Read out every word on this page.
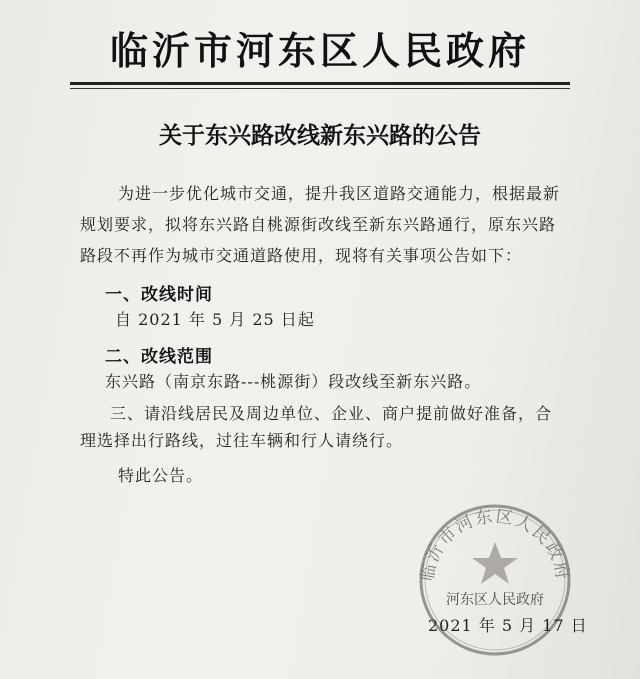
临沂市河东区人民政府
关于东兴路改线新东兴路的公告
为进一步优化城市交通，提升我区道路交通能力，根据最新
规划要求，拟将东兴路自桃源街改线至新东兴路通行，原东兴路
路段不再作为城市交通道路使用，现将有关事项公告如下：
一、改线时间
自 2021 年 5 月 25 日起
二、改线范围
东兴路（南京东路---桃源街）段改线至新东兴路。
三、请沿线居民及周边单位、企业、商户提前做好准备，合
理选择出行路线，过往车辆和行人请绕行。
特此公告。
临沂市河东区人民政府
河东区人民政府
2021 年 5 月 17 日
